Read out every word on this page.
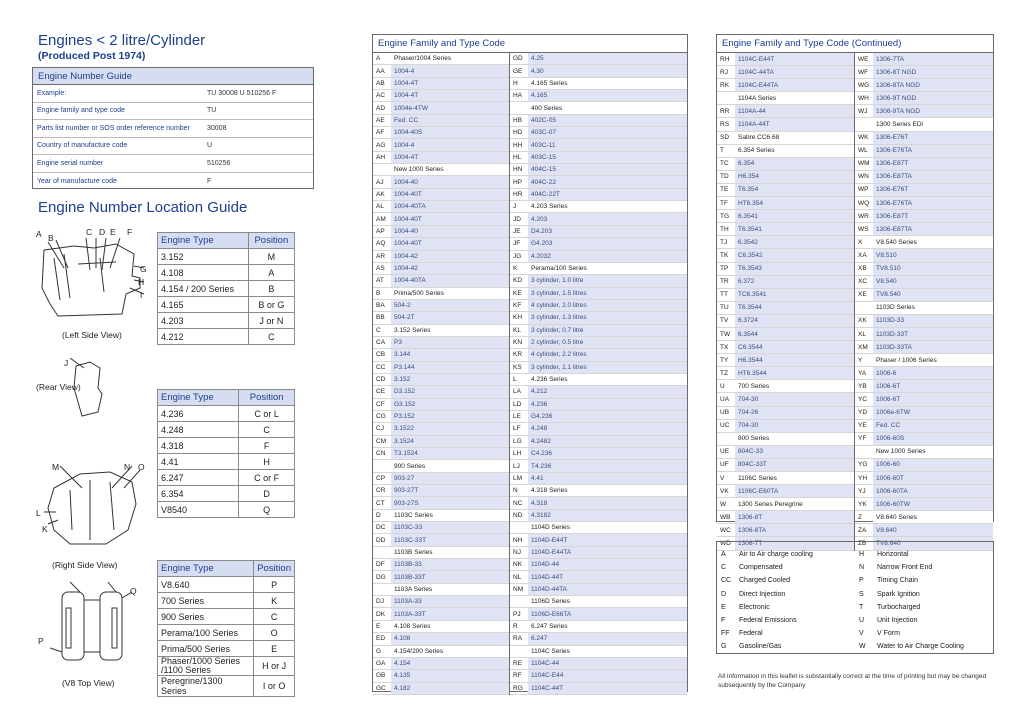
Engines < 2 litre/Cylinder
(Produced Post 1974)
Engine Number Guide
Example:	TU 30008 U 510256 F
Engine family and type code	TU
Parts list number or SOS order reference number	30008
Country of manufacture code	U
Engine serial number	510256
Year of manufacture code	F
Engine Number Location Guide
A B
C D E F
G
H
I
(Left Side View)
J
(Rear View)
M	N O
L
K
(Right Side View)
Q
P
(V8 Top View)
Engine Type	Position
3.152	M
4.108	A
4.154 / 200 Series	B
4.165	B or G
4.203	J or N
4.212	C
Engine Type	Position
4.236	C or L
4.248	C
4.318	F
4.41	H
6.247	C or F
6.354	D
V8540	Q
Engine Type	Position
V8.640	P
700 Series	K
900 Series	C
Perama/100 Series	O
Prima/500 Series	E
Phaser/1000 Series /1100 Series	H or J
Peregrine/1300 Series	I or O
Engine Family and Type Code
A	Phaser/1004 Series
AA	1004-4
AB	1004-4T
AC	1004-4T
AD	1004e-4TW
AE	Fed. CC
AF	1004-40S
AG	1004-4
AH	1004-4T
New 1000 Series
AJ	1004-40
AK	1004-40T
AL	1004-40TA
AM	1004-40T
AP	1004-40
AQ	1004-40T
AR	1004-42
AS	1004-42
AT	1004-40TA
B	Prima/500 Series
BA	504-2
BB	504-2T
C	3.152 Series
CA	P3
CB	3.144
CC	P3.144
CD	3.152
CE	D3.152
CF	G3.152
CG	P3.152
CJ	3.1522
CM	3.1524
CN	T3.1524
900 Series
CP	903-27
CR	903-27T
CT	903-27S
D	1103C Series
DC	1103C-33
DD	1103C-33T
1103B Series
DF	1103B-33
DG	1103B-33T
1103A Series
DJ	1103A-33
DK	1103A-33T
E	4.108 Series
ED	4.108
G	4.154/200 Series
GA	4.154
GB	4.135
GC	4.182
GD	4.25
GE	4.30
H	4.165 Series
HA	4.165
400 Series
HB	402C-05
HD	403C-07
HH	403C-11
HL	403C-15
HN	404C-15
HP	404C-22
HR	404C-22T
J	4.203 Series
JD	4.203
JE	D4.203
JF	G4.203
JG	4.2032
K	Perama/100 Series
KD	3 cylinder, 1.0 litre
KE	3 cylinder, 1.5 litres
KF	4 cylinder, 2.0 litres
KH	3 cylinder, 1.3 litres
KL	3 cylinder, 0.7 litre
KN	2 cylinder, 0.5 litre
KR	4 cylinder, 2.2 litres
KS	3 cylinder, 1.1 litres
L	4.236 Series
LA	4.212
LD	4.236
LE	G4.236
LF	4.248
LG	4.2482
LH	C4.236
LJ	T4.236
LM	4.41
N	4.318 Series
NC	4.318
ND	4.3182
1104D Series
NH	1104D-E44T
NJ	1104D-E44TA
NK	1104D-44
NL	1104D-44T
NM	1104D-44TA
1106D Series
PJ	1106D-E66TA
R	6.247 Series
RA	6.247
1104C Series
RE	1104C-44
RF	1104C-E44
RG	1104C-44T
Engine Family and Type Code (Continued)
RH	1104C-E44T
RJ	1104C-44TA
RK	1104C-E44TA
1104A Series
RR	1104A-44
RS	1104A-44T
SD	Sabre CC6.68
T	6.354 Series
TC	6.354
TD	H6.354
TE	T6.354
TF	HT6.354
TG	6.3541
TH	T6.3541
TJ	6.3542
TK	C6.3542
TP	T6.3543
TR	6.372
TT	TC6.3541
TU	T6.3544
TV	6.3724
TW	6.3544
TX	C6.3544
TY	H6.3544
TZ	HT6.3544
U	700 Series
UA	704-30
UB	704-26
UC	704-30
800 Series
UE	804C-33
UF	804C-33T
V	1106C Series
VK	1106C-E60TA
W	1300 Series Peregrine
WB	1306-8T
WC	1306-8TA
WD	1306-7T
WE	1306-7TA
WF	1306-8T NGD
WG	1306-8TA NGD
WH	1306-9T NGD
WJ	1306-9TA NGD
1300 Series EDi
WK	1306-E76T
WL	1306-E76TA
WM 1306-E87T
WN	1306-E87TA
WP	1306-E76T
WQ	1306-E76TA
WR	1306-E87T
WS	1306-E87TA
X	V8.540 Series
XA	V8.510
XB	TV8.510
XC	V8.540
XE	TV8.540
1103D Series
XK	1103D-33
XL	1103D-33T
XM	1103D-33TA
Y	Phaser / 1006 Series
YA	1006-6
YB	1006-6T
YC	1006-6T
YD	1006e-6TW
YE	Fed. CC
YF	1006-60S
New 1000 Series
YG	1006-60
YH	1006-60T
YJ	1006-60TA
YK	1006-60TW
Z	V8.640 Series
ZA	V8.640
ZB	TV8.640
A	Air to Air charge cooling	H	Horizontal
C	Compensated	N	Narrow Front End
CC	Charged Cooled	P	Timing Chain
D	Direct Injection	S	Spark Ignition
E	Electronic	T	Turbocharged
F	Federal Emissions	U	Unit Injection
FF	Federal	V	V Form
G	Gasoline/Gas	W	Water to Air Charge Cooling
All information in this leaflet is substantially correct at the time of printing but may be changed subsequently by the Company
